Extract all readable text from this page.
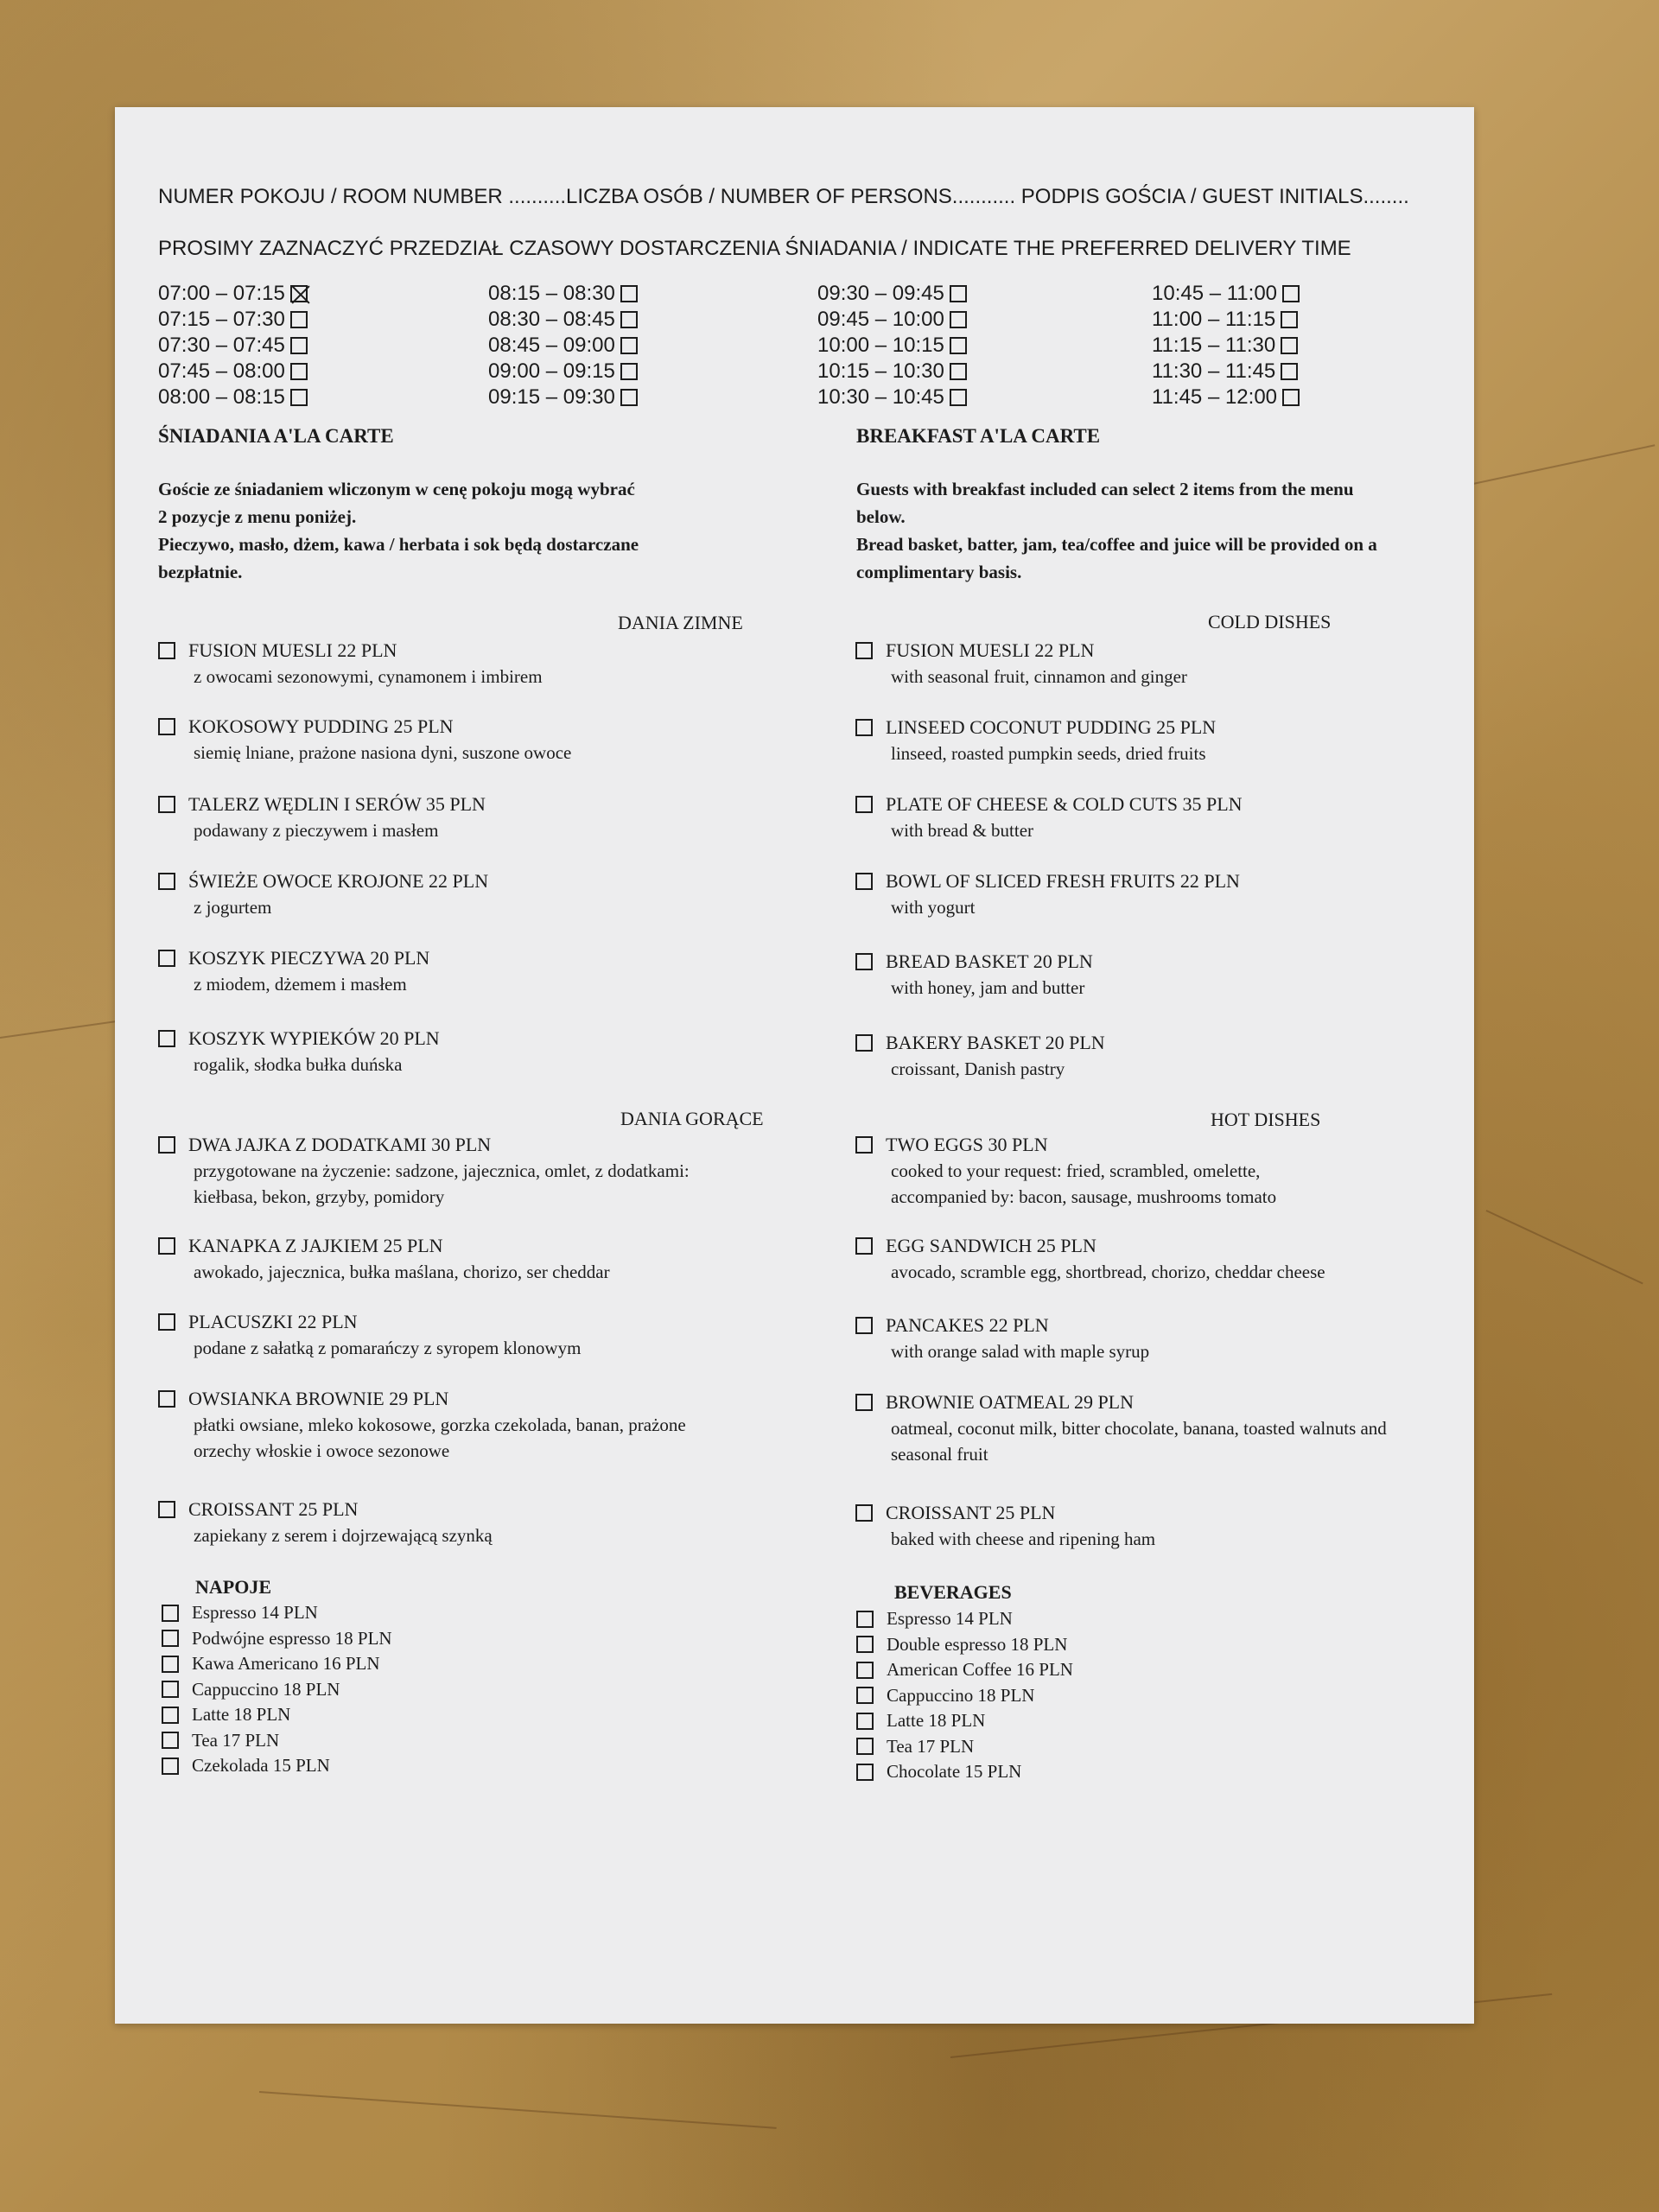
NUMER POKOJU / ROOM NUMBER ..........LICZBA OSÓB / NUMBER OF PERSONS........... PODPIS GOŚCIA / GUEST INITIALS........
PROSIMY ZAZNACZYĆ PRZEDZIAŁ CZASOWY DOSTARCZENIA ŚNIADANIA / INDICATE THE PREFERRED DELIVERY TIME
07:00 – 07:15
07:15 – 07:30
07:30 – 07:45
07:45 – 08:00
08:00 – 08:15
08:15 – 08:30
08:30 – 08:45
08:45 – 09:00
09:00 – 09:15
09:15 – 09:30
09:30 – 09:45
09:45 – 10:00
10:00 – 10:15
10:15 – 10:30
10:30 – 10:45
10:45 – 11:00
11:00 – 11:15
11:15 – 11:30
11:30 – 11:45
11:45 – 12:00
ŚNIADANIA A'LA CARTE	BREAKFAST A'LA CARTE
Goście ze śniadaniem wliczonym w cenę pokoju mogą wybrać
2 pozycje z menu poniżej.
Pieczywo, masło, dżem, kawa / herbata i sok będą dostarczane
bezpłatnie.
Guests with breakfast included can select 2 items from the menu
below.
Bread basket, batter, jam, tea/coffee and juice will be provided on a
complimentary basis.
DANIA ZIMNE	COLD DISHES
DANIA GORĄCE	HOT DISHES
NAPOJE	BEVERAGES
FUSION MUESLI 22 PLN
z owocami sezonowymi, cynamonem i imbirem
KOKOSOWY PUDDING 25 PLN
siemię lniane, prażone nasiona dyni, suszone owoce
TALERZ WĘDLIN I SERÓW 35 PLN
podawany z pieczywem i masłem
ŚWIEŻE OWOCE KROJONE 22 PLN
z jogurtem
KOSZYK PIECZYWA 20 PLN
z miodem, dżemem i masłem
KOSZYK WYPIEKÓW 20 PLN
rogalik, słodka bułka duńska
FUSION MUESLI 22 PLN
with seasonal fruit, cinnamon and ginger
LINSEED COCONUT PUDDING 25 PLN
linseed, roasted pumpkin seeds, dried fruits
PLATE OF CHEESE & COLD CUTS 35 PLN
with bread & butter
BOWL OF SLICED FRESH FRUITS 22 PLN
with yogurt
BREAD BASKET 20 PLN
with honey, jam and butter
BAKERY BASKET 20 PLN
croissant, Danish pastry
DWA JAJKA Z DODATKAMI 30 PLN
przygotowane na życzenie: sadzone, jajecznica, omlet, z dodatkami:
kiełbasa, bekon, grzyby, pomidory
KANAPKA Z JAJKIEM 25 PLN
awokado, jajecznica, bułka maślana, chorizo, ser cheddar
PLACUSZKI 22 PLN
podane z sałatką z pomarańczy z syropem klonowym
OWSIANKA BROWNIE 29 PLN
płatki owsiane, mleko kokosowe, gorzka czekolada, banan, prażone
orzechy włoskie i owoce sezonowe
CROISSANT 25 PLN
zapiekany z serem i dojrzewającą szynką
TWO EGGS 30 PLN
cooked to your request: fried, scrambled, omelette,
accompanied by: bacon, sausage, mushrooms tomato
EGG SANDWICH 25 PLN
avocado, scramble egg, shortbread, chorizo, cheddar cheese
PANCAKES 22 PLN
with orange salad with maple syrup
BROWNIE OATMEAL 29 PLN
oatmeal, coconut milk, bitter chocolate, banana, toasted walnuts and
seasonal fruit
CROISSANT 25 PLN
baked with cheese and ripening ham
Espresso 14 PLN
Podwójne espresso 18 PLN
Kawa Americano 16 PLN
Cappuccino 18 PLN
Latte 18 PLN
Tea 17 PLN
Czekolada 15 PLN
Espresso 14 PLN
Double espresso 18 PLN
American Coffee 16 PLN
Cappuccino 18 PLN
Latte 18 PLN
Tea 17 PLN
Chocolate 15 PLN
